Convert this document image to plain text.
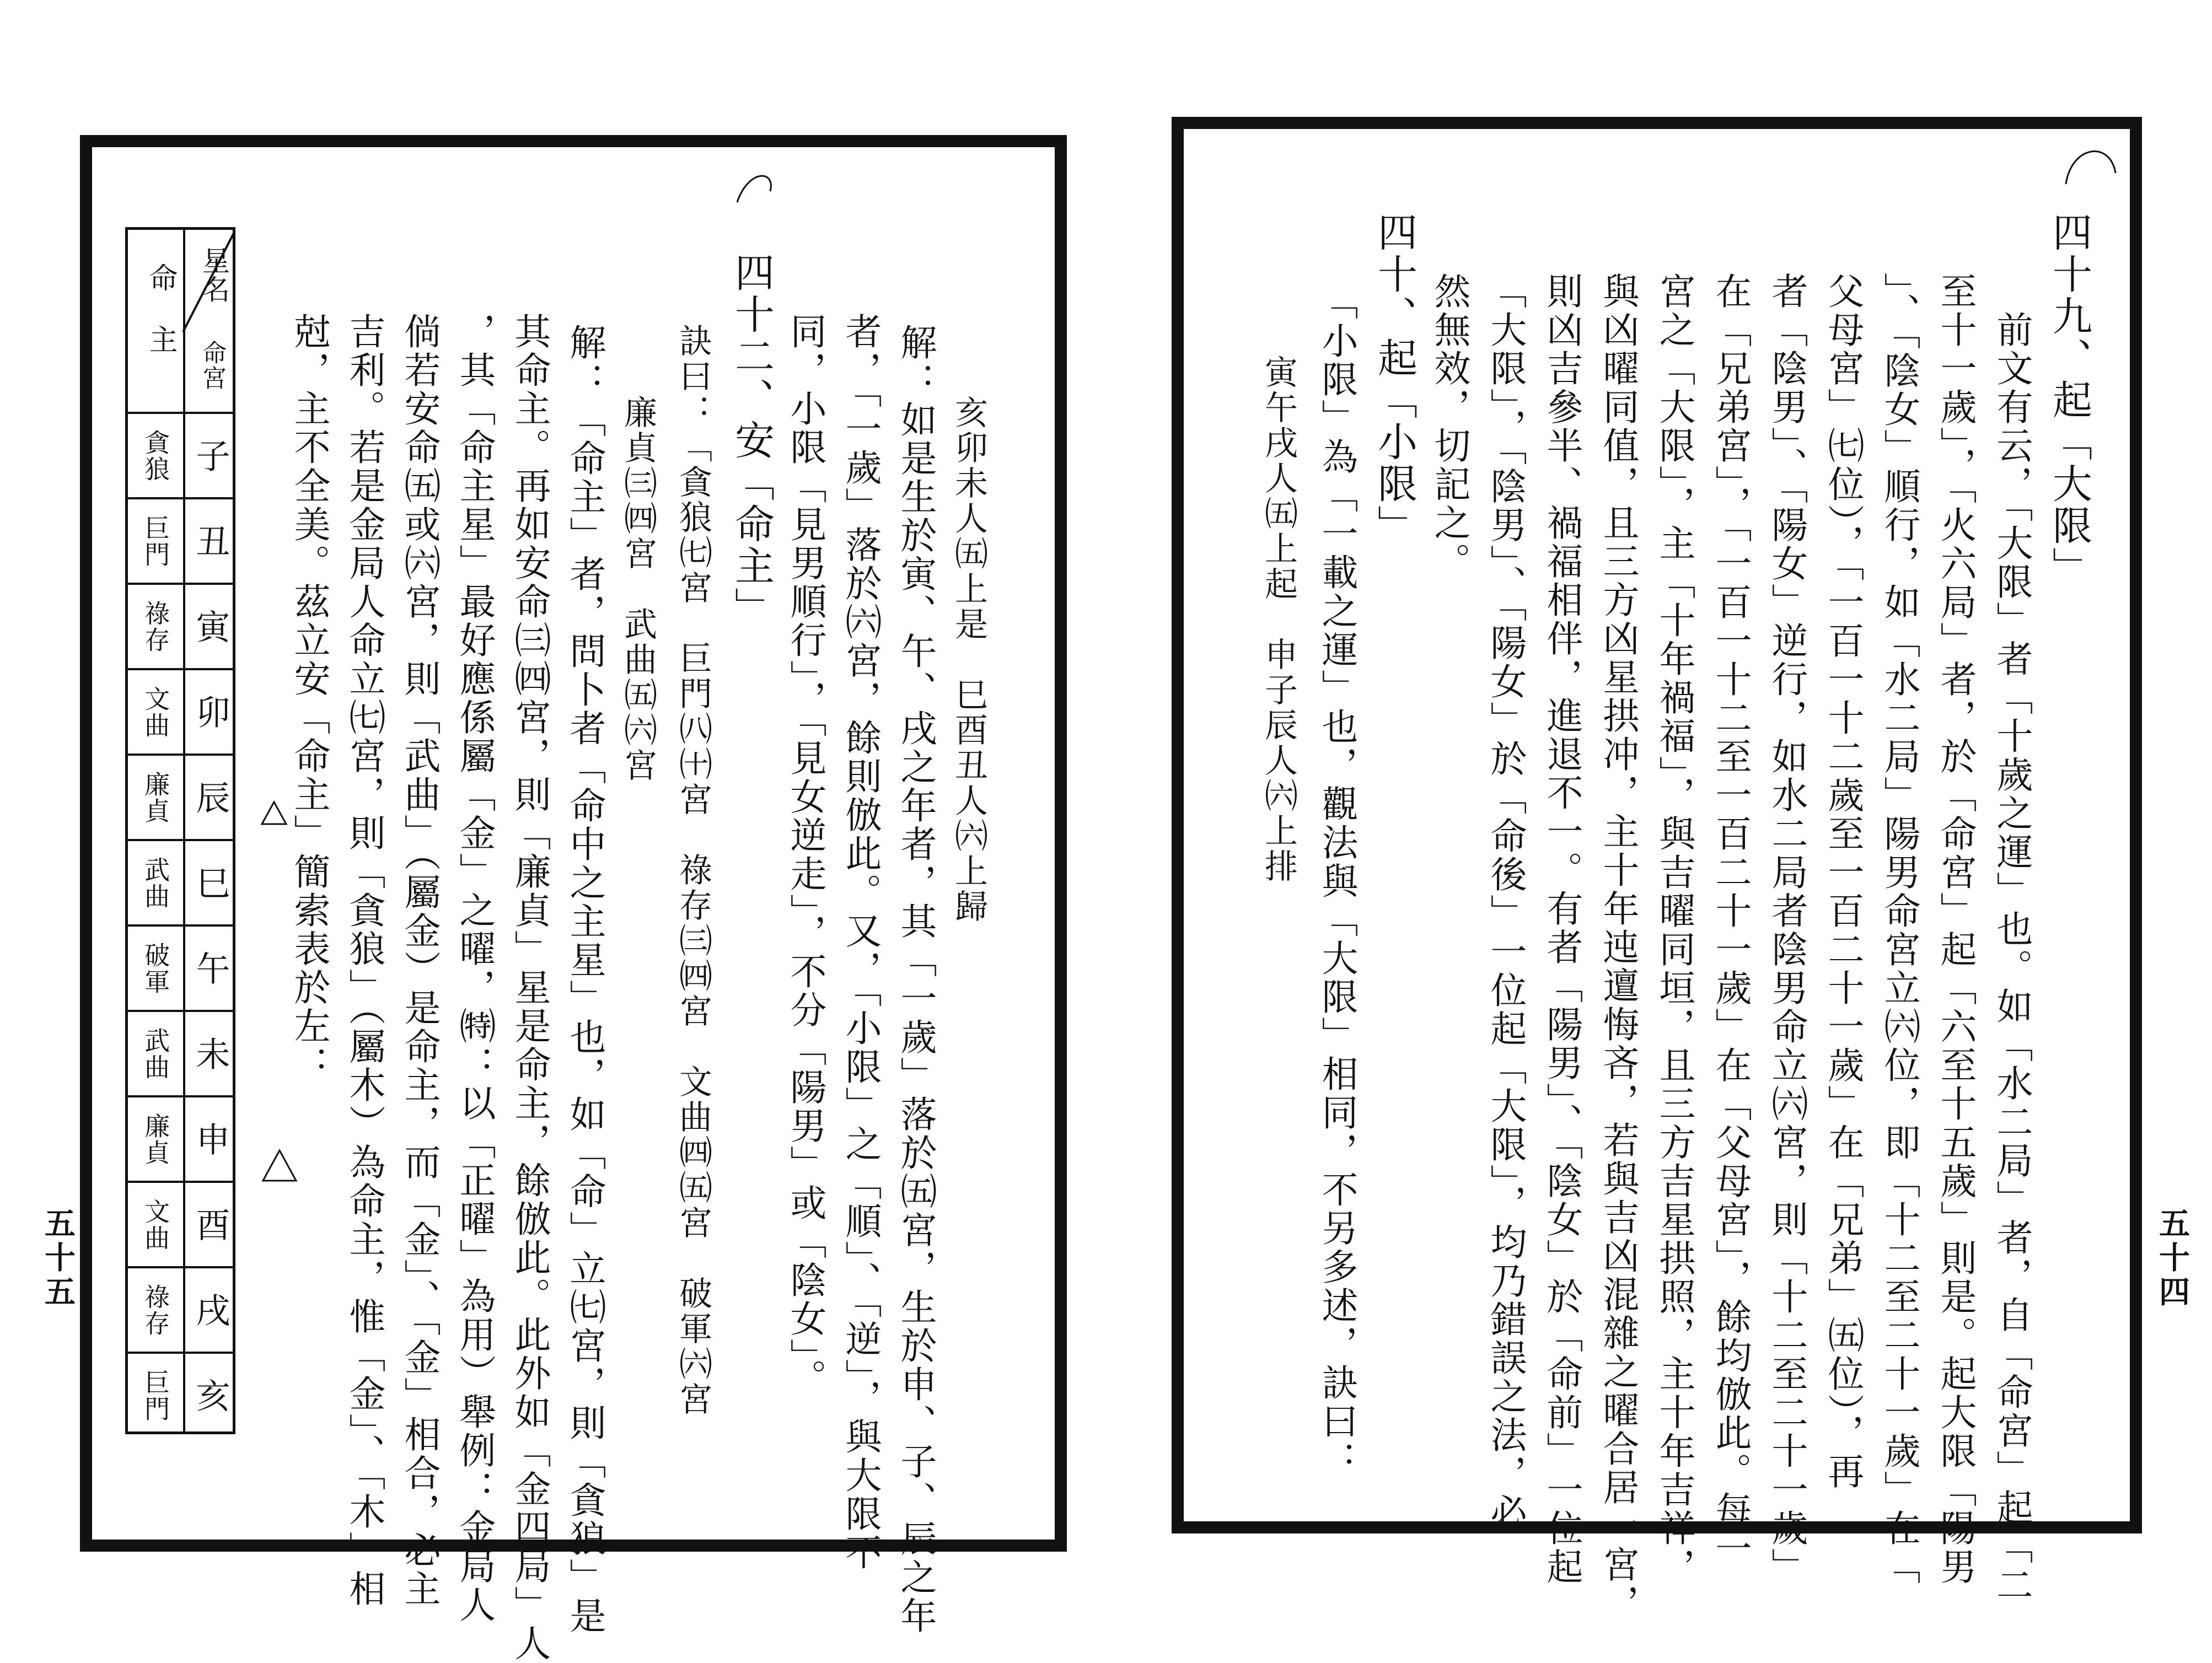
亥卯未人㈤上是　巳酉丑人㈥上歸
解：如是生於寅、午、戌之年者，其「一歲」落於㈤宮，生於申、子、辰之年
者，「一歲」落於㈥宮，餘則倣此。又，「小限」之「順」、「逆」，與大限不
同，小限「見男順行」，「見女逆走」，不分「陽男」或「陰女」。
四十二、安「命主」
訣曰：「貪狼㈦宮　巨門㈧㈩宮　祿存㈢㈣宮　文曲㈣㈤宮　破軍㈥宮
廉貞㈢㈣宮　武曲㈤㈥宮
解：「命主」者，問卜者「命中之主星」也，如「命」立㈦宮，則「貪狼」是
其命主。再如安命㈢㈣宮，則「廉貞」星是命主，餘倣此。此外如「金四局」人
，其「命主星」最好應係屬「金」之曜，㈵：以「正曜」為用）舉例：金局人
倘若安命㈤或㈥宮，則「武曲」（屬金）是命主，而「金」、「金」相合，必主
吉利。若是金局人命立㈦宮，則「貪狼」（屬木）為命主，惟「金」、「木」相
尅，主不全美。茲立安「命主」簡索表於左：
貪狼
巨門
祿存
文曲
廉貞
武曲
破軍
武曲
廉貞
文曲
祿存
巨門
子
丑
寅
卯
辰
巳
午
未
申
酉
戌
亥
星名
命宮
命主
五十五
四十九、起「大限」
前文有云，「大限」者「十歲之運」也。如「水二局」者，自「命宮」起「二
至十一歲」，「火六局」者，於「命宮」起「六至十五歲」則是。起大限「陽男
」、「陰女」順行，如「水二局」陽男命宮立㈥位，即「十二至二十一歲」在「
父母宮」㈦位），「一百一十二歲至一百二十一歲」在「兄弟」㈤位），再
者「陰男」、「陽女」逆行，如水二局者陰男命立㈥宮，則「十二至二十一歲」
在「兄弟宮」，「一百一十二至一百二十一歲」在「父母宮」，餘均倣此。每一
宮之「大限」，主「十年禍福」，與吉曜同垣，且三方吉星拱照，主十年吉祥，
與凶曜同值，且三方凶星拱冲，主十年迍邅悔吝，若與吉凶混雜之曜合居一宮，
則凶吉參半、禍福相伴，進退不一。有者「陽男」、「陰女」於「命前」一位起
「大限」，「陰男」、「陽女」於「命後」一位起「大限」，均乃錯誤之法，必
然無效，切記之。
四十、起「小限」
「小限」為「一載之運」也，觀法與「大限」相同，不另多述，訣曰：
寅午戌人㈤上起　申子辰人㈥上排
五十四
